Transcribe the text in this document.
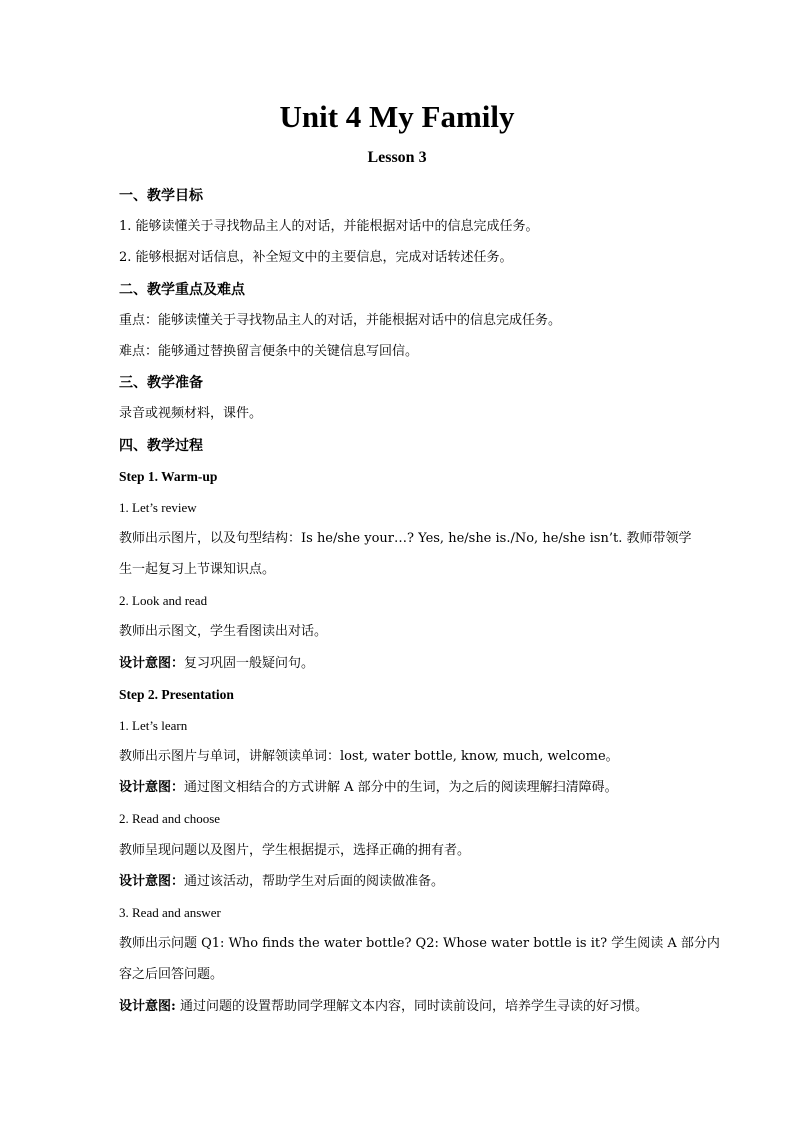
Unit 4 My Family
Lesson 3
一、教学目标
1. 能够读懂关于寻找物品主人的对话，并能根据对话中的信息完成任务。
2. 能够根据对话信息，补全短文中的主要信息，完成对话转述任务。
二、教学重点及难点
重点：能够读懂关于寻找物品主人的对话，并能根据对话中的信息完成任务。
难点：能够通过替换留言便条中的关键信息写回信。
三、教学准备
录音或视频材料，课件。
四、教学过程
Step 1. Warm-up
1. Let’s review
教师出示图片，以及句型结构：Is he/she your…? Yes, he/she is./No, he/she isn’t. 教师带领学
生一起复习上节课知识点。
2. Look and read
教师出示图文，学生看图读出对话。
设计意图：复习巩固一般疑问句。
Step 2. Presentation
1. Let’s learn
教师出示图片与单词，讲解领读单词：lost, water bottle, know, much, welcome。
设计意图：通过图文相结合的方式讲解 A 部分中的生词，为之后的阅读理解扫清障碍。
2. Read and choose
教师呈现问题以及图片，学生根据提示，选择正确的拥有者。
设计意图：通过该活动，帮助学生对后面的阅读做准备。
3. Read and answer
教师出示问题 Q1: Who finds the water bottle? Q2: Whose water bottle is it? 学生阅读 A 部分内
容之后回答问题。
设计意图: 通过问题的设置帮助同学理解文本内容，同时读前设问，培养学生寻读的好习惯。
